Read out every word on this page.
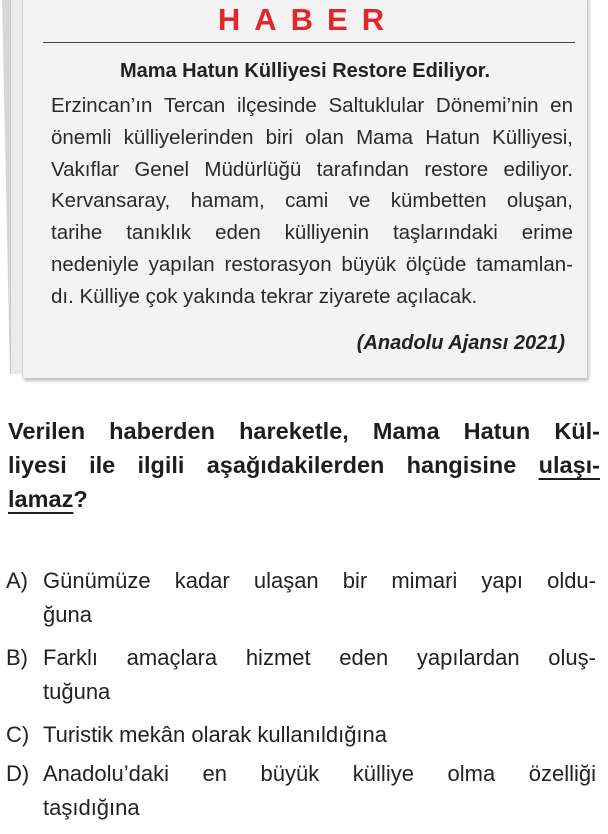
HABER
Mama Hatun Külliyesi Restore Ediliyor.
Erzincan’ın Tercan ilçesinde Saltuklular Dönemi’nin en
önemli külliyelerinden biri olan Mama Hatun Külliyesi,
Vakıflar Genel Müdürlüğü tarafından restore ediliyor.
Kervansaray, hamam, cami ve kümbetten oluşan,
tarihe tanıklık eden külliyenin taşlarındaki erime
nedeniyle yapılan restorasyon büyük ölçüde tamamlan-
dı. Külliye çok yakında tekrar ziyarete açılacak.
(Anadolu Ajansı 2021)
Verilen haberden hareketle, Mama Hatun Kül-
liyesi ile ilgili aşağıdakilerden hangisine ulaşı-
lamaz?
A) Günümüze kadar ulaşan bir mimari yapı oldu-
ğuna
B) Farklı amaçlara hizmet eden yapılardan oluş-
tuğuna
C) Turistik mekân olarak kullanıldığına
D) Anadolu’daki en büyük külliye olma özelliği
taşıdığına
